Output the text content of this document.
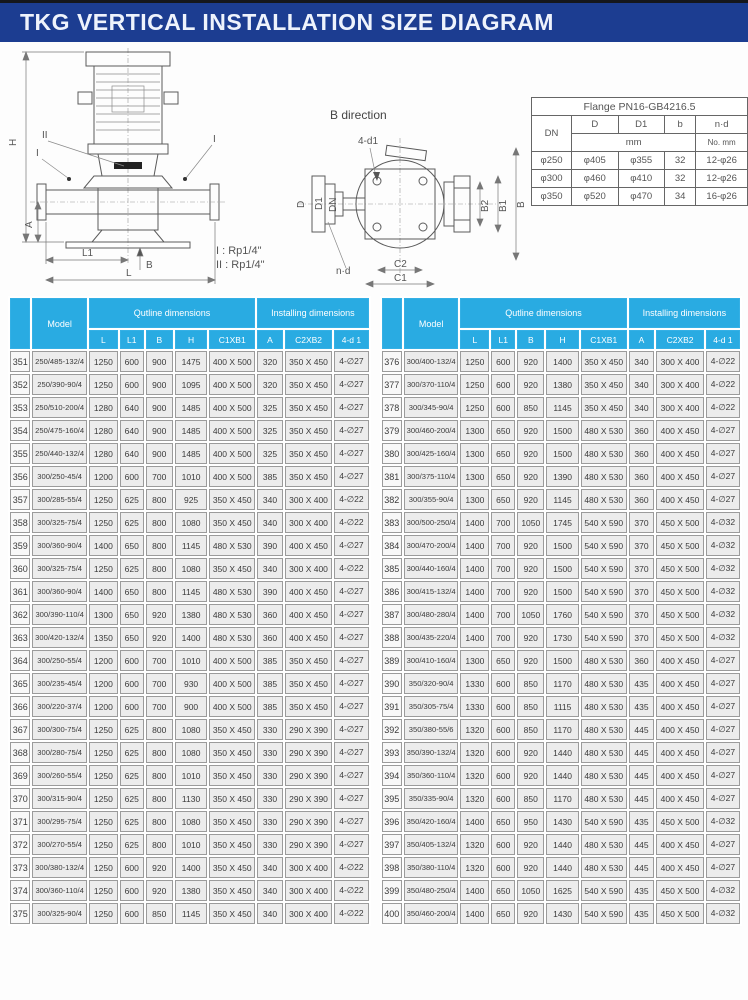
TKG VERTICAL INSTALLATION SIZE DIAGRAM
H
A
II
I
I
L1
B
L
B direction
D D1 DN
4-d1
n·d
B2 B1 B
C2
C1
I : Rp1/4"
II : Rp1/4"
Flange PN16-GB4216.5				
DN	D	D1	b	n·d
	mm			No. mm
φ250	φ405	φ355	32	12-φ26
φ300	φ460	φ410	32	12-φ26
φ350	φ520	φ470	34	16-φ26
	Model	Qutline dimensions					Installing dimensions		
		L	L1	B	H	C1XB1	A	C2XB2	4-d 1
351	250/485-132/4	1250	600	900	1475	400 X 500	320	350 X 450	4-∅27
352	250/390-90/4	1250	600	900	1095	400 X 500	320	350 X 450	4-∅27
353	250/510-200/4	1280	640	900	1485	400 X 500	325	350 X 450	4-∅27
354	250/475-160/4	1280	640	900	1485	400 X 500	325	350 X 450	4-∅27
355	250/440-132/4	1280	640	900	1485	400 X 500	325	350 X 450	4-∅27
356	300/250-45/4	1200	600	700	1010	400 X 500	385	350 X 450	4-∅27
357	300/285-55/4	1250	625	800	925	350 X 450	340	300 X 400	4-∅22
358	300/325-75/4	1250	625	800	1080	350 X 450	340	300 X 400	4-∅22
359	300/360-90/4	1400	650	800	1145	480 X 530	390	400 X 450	4-∅27
360	300/325-75/4	1250	625	800	1080	350 X 450	340	300 X 400	4-∅22
361	300/360-90/4	1400	650	800	1145	480 X 530	390	400 X 450	4-∅27
362	300/390-110/4	1300	650	920	1380	480 X 530	360	400 X 450	4-∅27
363	300/420-132/4	1350	650	920	1400	480 X 530	360	400 X 450	4-∅27
364	300/250-55/4	1200	600	700	1010	400 X 500	385	350 X 450	4-∅27
365	300/235-45/4	1200	600	700	930	400 X 500	385	350 X 450	4-∅27
366	300/220-37/4	1200	600	700	900	400 X 500	385	350 X 450	4-∅27
367	300/300-75/4	1250	625	800	1080	350 X 450	330	290 X 390	4-∅27
368	300/280-75/4	1250	625	800	1080	350 X 450	330	290 X 390	4-∅27
369	300/260-55/4	1250	625	800	1010	350 X 450	330	290 X 390	4-∅27
370	300/315-90/4	1250	625	800	1130	350 X 450	330	290 X 390	4-∅27
371	300/295-75/4	1250	625	800	1080	350 X 450	330	290 X 390	4-∅27
372	300/270-55/4	1250	625	800	1010	350 X 450	330	290 X 390	4-∅27
373	300/380-132/4	1250	600	920	1400	350 X 450	340	300 X 400	4-∅22
374	300/360-110/4	1250	600	920	1380	350 X 450	340	300 X 400	4-∅22
375	300/325-90/4	1250	600	850	1145	350 X 450	340	300 X 400	4-∅22
	Model	Qutline dimensions					Installing dimensions		
		L	L1	B	H	C1XB1	A	C2XB2	4-d 1
376	300/400-132/4	1250	600	920	1400	350 X 450	340	300 X 400	4-∅22
377	300/370-110/4	1250	600	920	1380	350 X 450	340	300 X 400	4-∅22
378	300/345-90/4	1250	600	850	1145	350 X 450	340	300 X 400	4-∅22
379	300/460-200/4	1300	650	920	1500	480 X 530	360	400 X 450	4-∅27
380	300/425-160/4	1300	650	920	1500	480 X 530	360	400 X 450	4-∅27
381	300/375-110/4	1300	650	920	1390	480 X 530	360	400 X 450	4-∅27
382	300/355-90/4	1300	650	920	1145	480 X 530	360	400 X 450	4-∅27
383	300/500-250/4	1400	700	1050	1745	540 X 590	370	450 X 500	4-∅32
384	300/470-200/4	1400	700	920	1500	540 X 590	370	450 X 500	4-∅32
385	300/440-160/4	1400	700	920	1500	540 X 590	370	450 X 500	4-∅32
386	300/415-132/4	1400	700	920	1500	540 X 590	370	450 X 500	4-∅32
387	300/480-280/4	1400	700	1050	1760	540 X 590	370	450 X 500	4-∅32
388	300/435-220/4	1400	700	920	1730	540 X 590	370	450 X 500	4-∅32
389	300/410-160/4	1300	650	920	1500	480 X 530	360	400 X 450	4-∅27
390	350/320-90/4	1330	600	850	1170	480 X 530	435	400 X 450	4-∅27
391	350/305-75/4	1330	600	850	1115	480 X 530	435	400 X 450	4-∅27
392	350/380-55/6	1320	600	850	1170	480 X 530	445	400 X 450	4-∅27
393	350/390-132/4	1320	600	920	1440	480 X 530	445	400 X 450	4-∅27
394	350/360-110/4	1320	600	920	1440	480 X 530	445	400 X 450	4-∅27
395	350/335-90/4	1320	600	850	1170	480 X 530	445	400 X 450	4-∅27
396	350/420-160/4	1400	650	950	1430	540 X 590	435	450 X 500	4-∅32
397	350/405-132/4	1320	600	920	1440	480 X 530	445	400 X 450	4-∅27
398	350/380-110/4	1320	600	920	1440	480 X 530	445	400 X 450	4-∅27
399	350/480-250/4	1400	650	1050	1625	540 X 590	435	450 X 500	4-∅32
400	350/460-200/4	1400	650	920	1430	540 X 590	435	450 X 500	4-∅32
